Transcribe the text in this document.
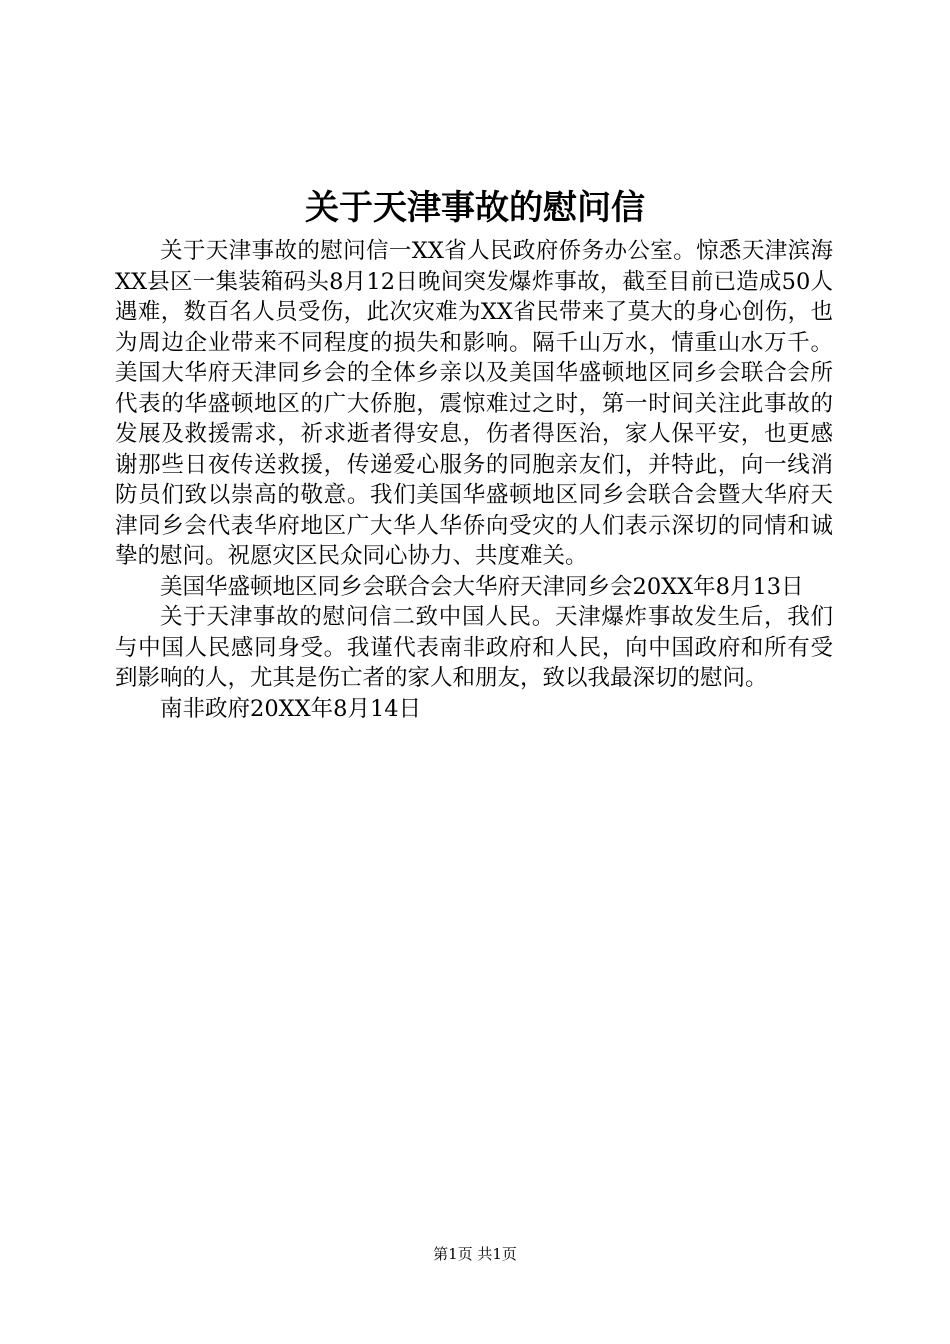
关于天津事故的慰问信

关于天津事故的慰问信一XX省人民政府侨务办公室。惊悉天津滨海XX县区一集装箱码头8月12日晚间突发爆炸事故，截至目前已造成50人遇难，数百名人员受伤，此次灾难为XX省民带来了莫大的身心创伤，也为周边企业带来不同程度的损失和影响。隔千山万水，情重山水万千。美国大华府天津同乡会的全体乡亲以及美国华盛顿地区同乡会联合会所代表的华盛顿地区的广大侨胞，震惊难过之时，第一时间关注此事故的发展及救援需求，祈求逝者得安息，伤者得医治，家人保平安，也更感谢那些日夜传送救援，传递爱心服务的同胞亲友们，并特此，向一线消防员们致以崇高的敬意。我们美国华盛顿地区同乡会联合会暨大华府天津同乡会代表华府地区广大华人华侨向受灾的人们表示深切的同情和诚挚的慰问。祝愿灾区民众同心协力、共度难关。

美国华盛顿地区同乡会联合会大华府天津同乡会20XX年8月13日

关于天津事故的慰问信二致中国人民。天津爆炸事故发生后，我们与中国人民感同身受。我谨代表南非政府和人民，向中国政府和所有受到影响的人，尤其是伤亡者的家人和朋友，致以我最深切的慰问。

南非政府20XX年8月14日

第1页 共1页
